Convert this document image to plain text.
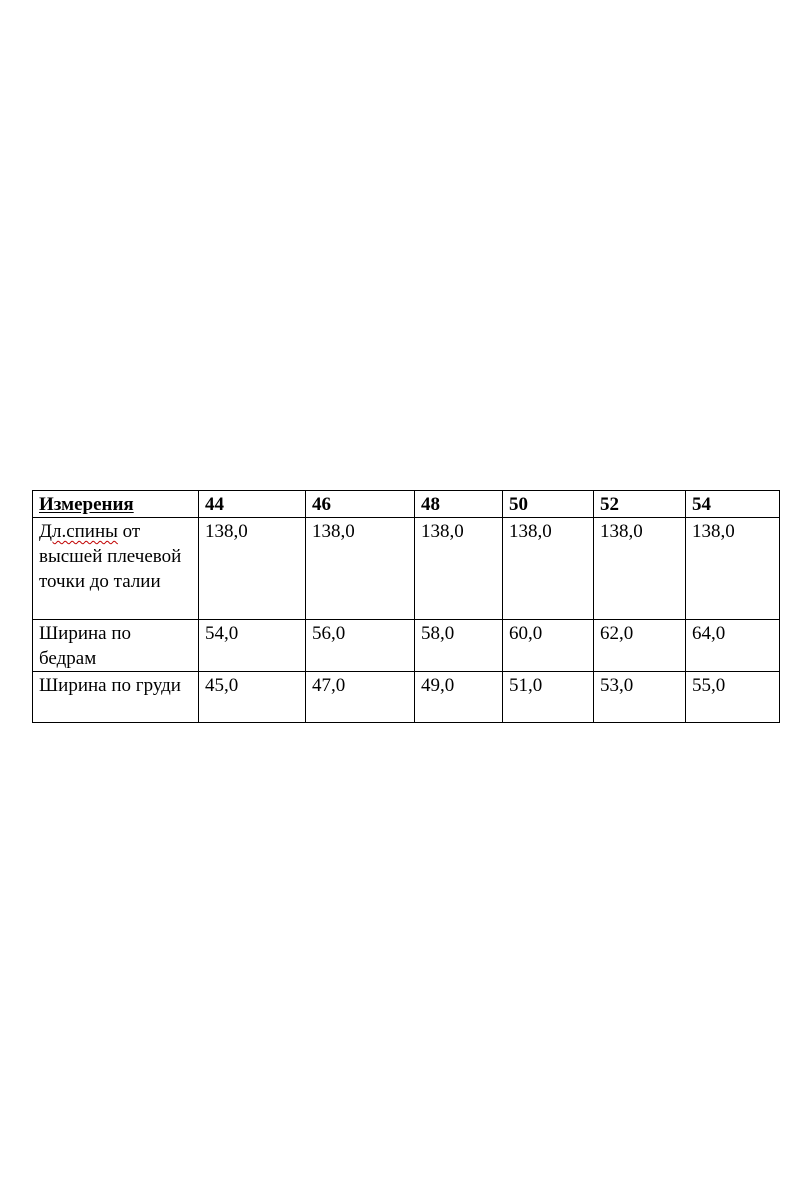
Измерения	44	46	48	50	52	54
Дл.спины от высшей плечевой точки до талии	138,0	138,0	138,0	138,0	138,0	138,0
Ширина по бедрам	54,0	56,0	58,0	60,0	62,0	64,0
Ширина по груди	45,0	47,0	49,0	51,0	53,0	55,0
